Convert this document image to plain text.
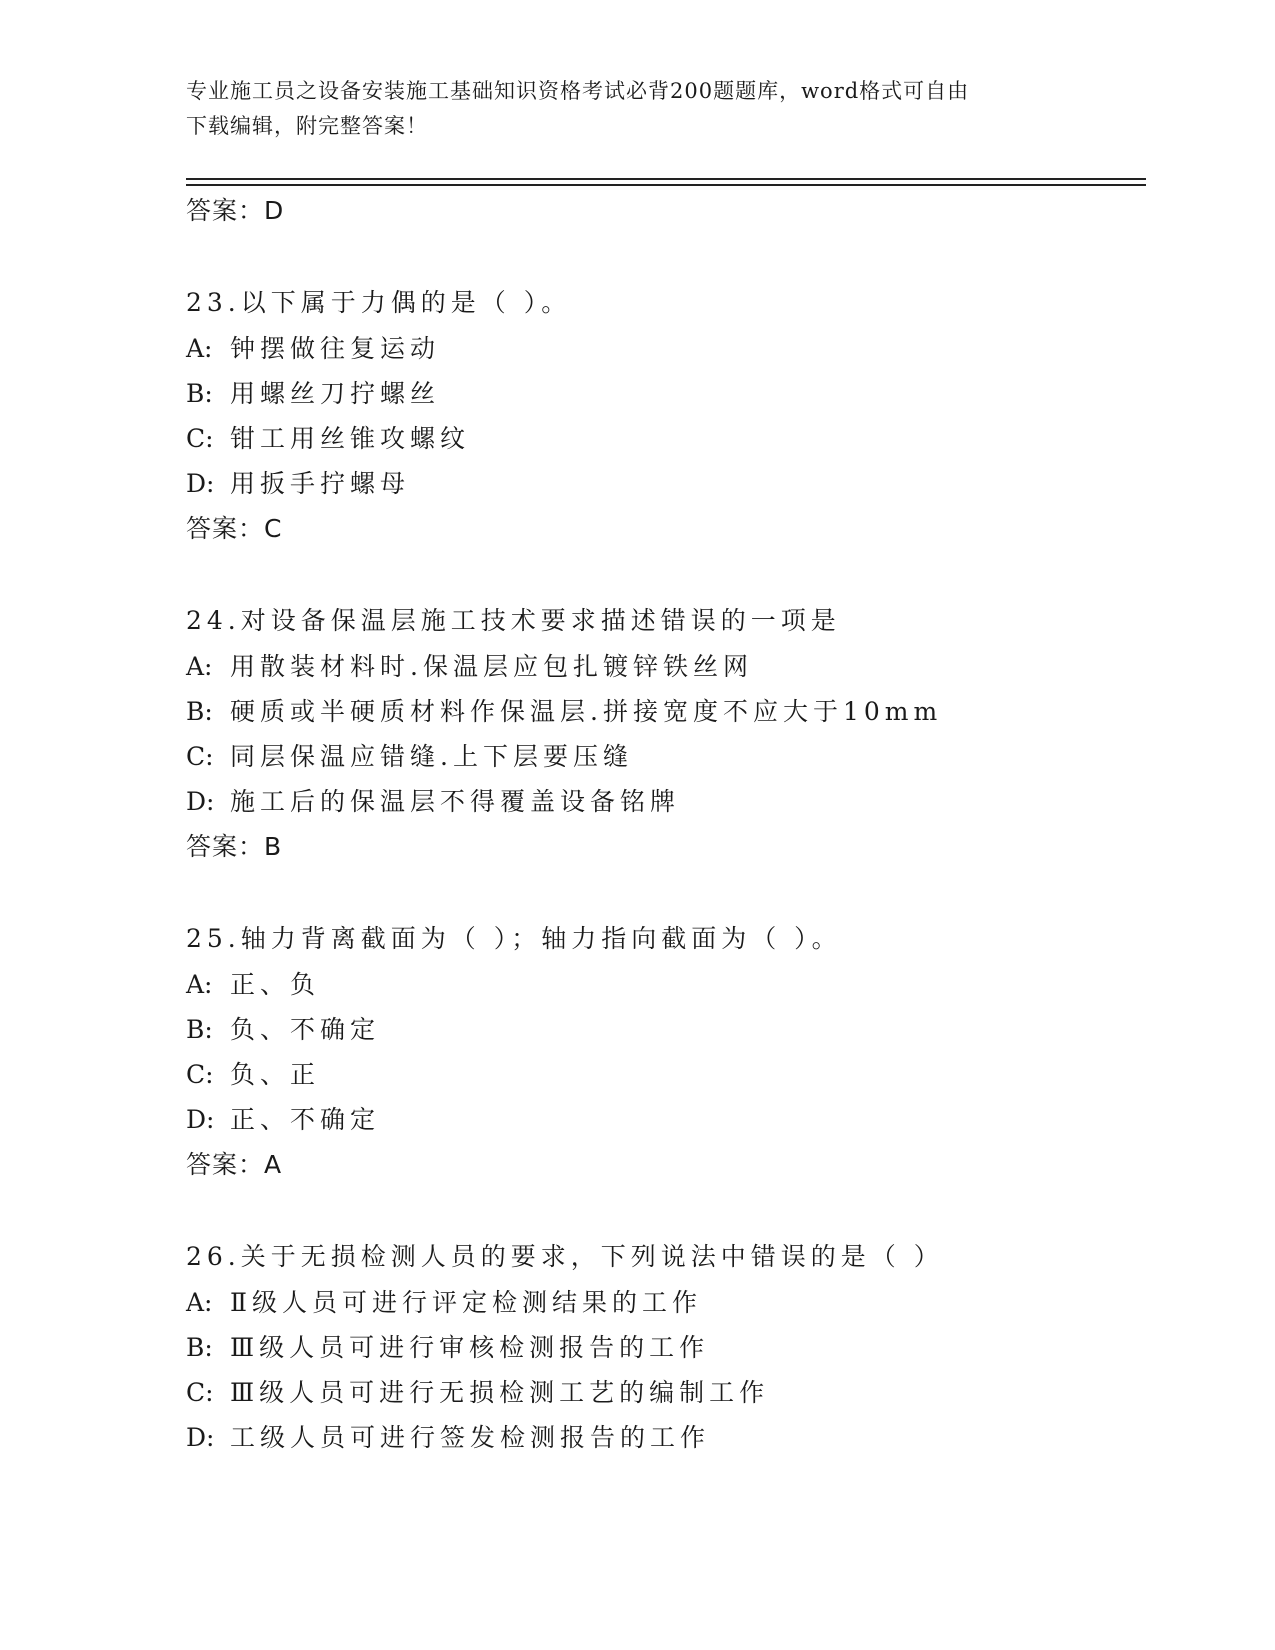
专业施工员之设备安装施工基础知识资格考试必背200题题库，word格式可自由
下载编辑，附完整答案！
答案：D
23.以下属于力偶的是（ ）。
A: 钟摆做往复运动
B: 用螺丝刀拧螺丝
C: 钳工用丝锥攻螺纹
D: 用扳手拧螺母
答案：C
24.对设备保温层施工技术要求描述错误的一项是
A: 用散装材料时.保温层应包扎镀锌铁丝网
B: 硬质或半硬质材料作保温层.拼接宽度不应大于10mm
C: 同层保温应错缝.上下层要压缝
D: 施工后的保温层不得覆盖设备铭牌
答案：B
25.轴力背离截面为（ ）；轴力指向截面为（ ）。
A: 正、负
B: 负、不确定
C: 负、正
D: 正、不确定
答案：A
26.关于无损检测人员的要求，下列说法中错误的是（ ）
A: Ⅱ级人员可进行评定检测结果的工作
B: Ⅲ级人员可进行审核检测报告的工作
C: Ⅲ级人员可进行无损检测工艺的编制工作
D: 工级人员可进行签发检测报告的工作
